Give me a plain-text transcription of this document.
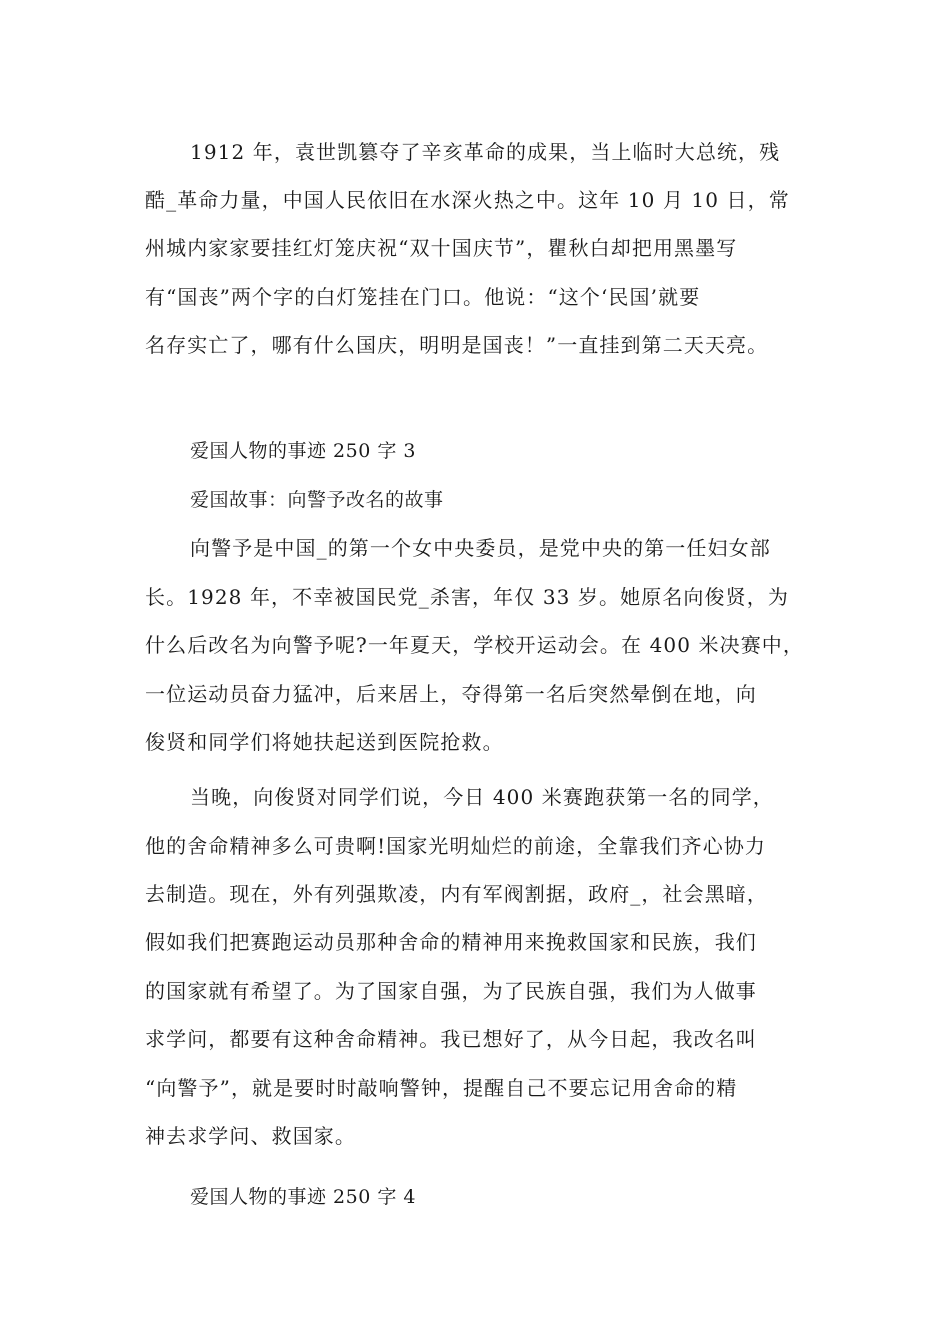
1912 年，袁世凯篡夺了辛亥革命的成果，当上临时大总统，残
酷_革命力量，中国人民依旧在水深火热之中。这年 10 月 10 日，常
州城内家家要挂红灯笼庆祝“双十国庆节”，瞿秋白却把用黑墨写
有“国丧”两个字的白灯笼挂在门口。他说：“这个‘民国’就要
名存实亡了，哪有什么国庆，明明是国丧！”一直挂到第二天天亮。
爱国人物的事迹 250 字 3
爱国故事：向警予改名的故事
向警予是中国_的第一个女中央委员，是党中央的第一任妇女部
长。1928 年，不幸被国民党_杀害，年仅 33 岁。她原名向俊贤，为
什么后改名为向警予呢?一年夏天，学校开运动会。在 400 米决赛中，
一位运动员奋力猛冲，后来居上，夺得第一名后突然晕倒在地，向
俊贤和同学们将她扶起送到医院抢救。
当晚，向俊贤对同学们说，今日 400 米赛跑获第一名的同学，
他的舍命精神多么可贵啊!国家光明灿烂的前途，全靠我们齐心协力
去制造。现在，外有列强欺凌，内有军阀割据，政府_，社会黑暗，
假如我们把赛跑运动员那种舍命的精神用来挽救国家和民族，我们
的国家就有希望了。为了国家自强，为了民族自强，我们为人做事
求学问，都要有这种舍命精神。我已想好了，从今日起，我改名叫
“向警予”，就是要时时敲响警钟，提醒自己不要忘记用舍命的精
神去求学问、救国家。
爱国人物的事迹 250 字 4
